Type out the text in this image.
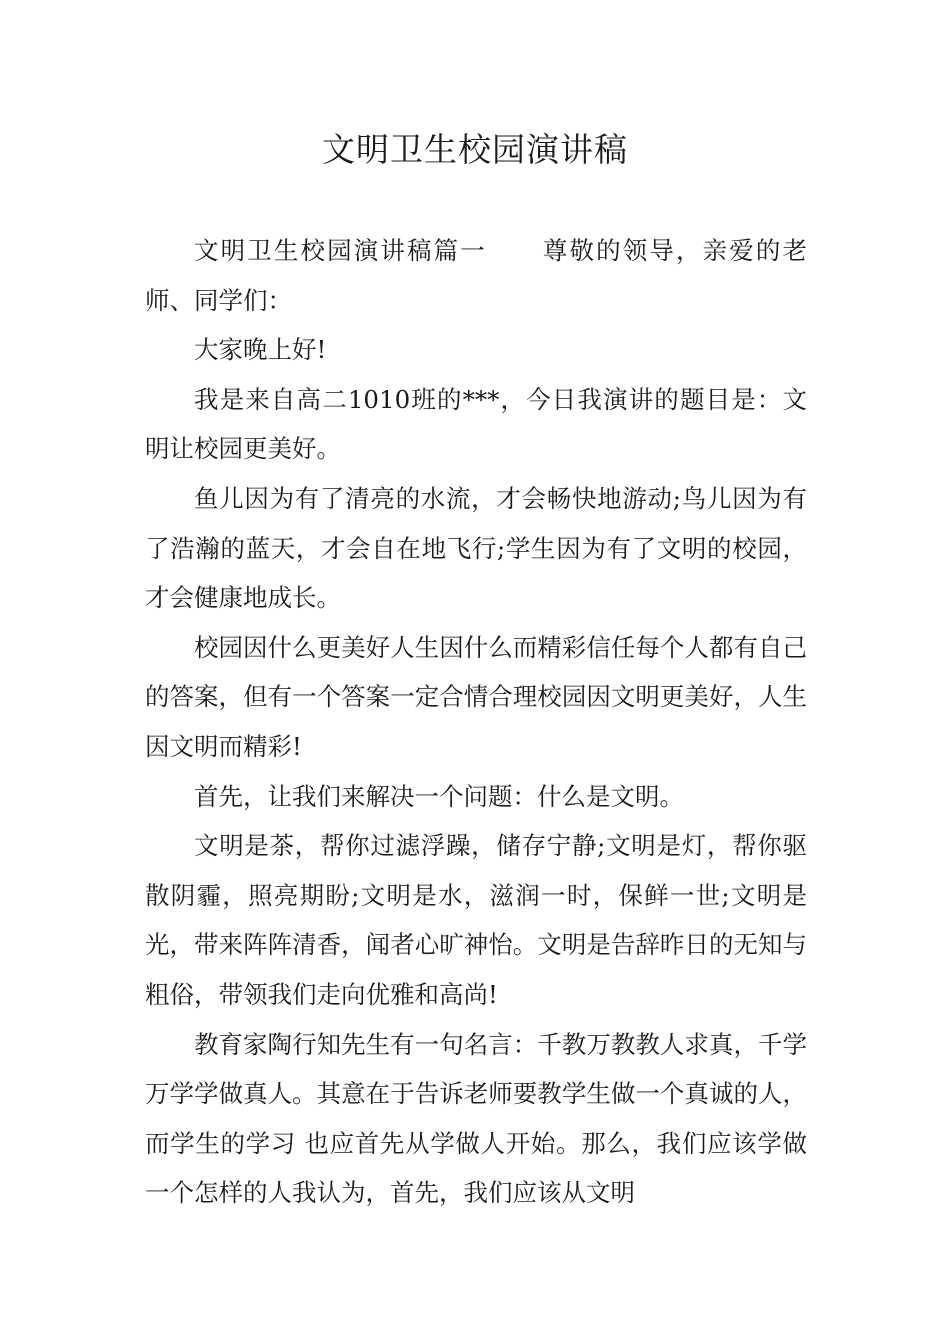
文明卫生校园演讲稿

文明卫生校园演讲稿篇一 尊敬的领导，亲爱的老师、同学们：

大家晚上好!

我是来自高二1010班的***，今日我演讲的题目是：文明让校园更美好。

鱼儿因为有了清亮的水流，才会畅快地游动;鸟儿因为有了浩瀚的蓝天，才会自在地飞行;学生因为有了文明的校园，才会健康地成长。

校园因什么更美好人生因什么而精彩信任每个人都有自己的答案，但有一个答案一定合情合理校园因文明更美好，人生因文明而精彩!

首先，让我们来解决一个问题：什么是文明。

文明是茶，帮你过滤浮躁，储存宁静;文明是灯，帮你驱散阴霾，照亮期盼;文明是水，滋润一时，保鲜一世;文明是光，带来阵阵清香，闻者心旷神怡。文明是告辞昨日的无知与粗俗，带领我们走向优雅和高尚!

教育家陶行知先生有一句名言：千教万教教人求真，千学万学学做真人。其意在于告诉老师要教学生做一个真诚的人，而学生的学习 也应首先从学做人开始。那么，我们应该学做一个怎样的人我认为，首先，我们应该从文明
